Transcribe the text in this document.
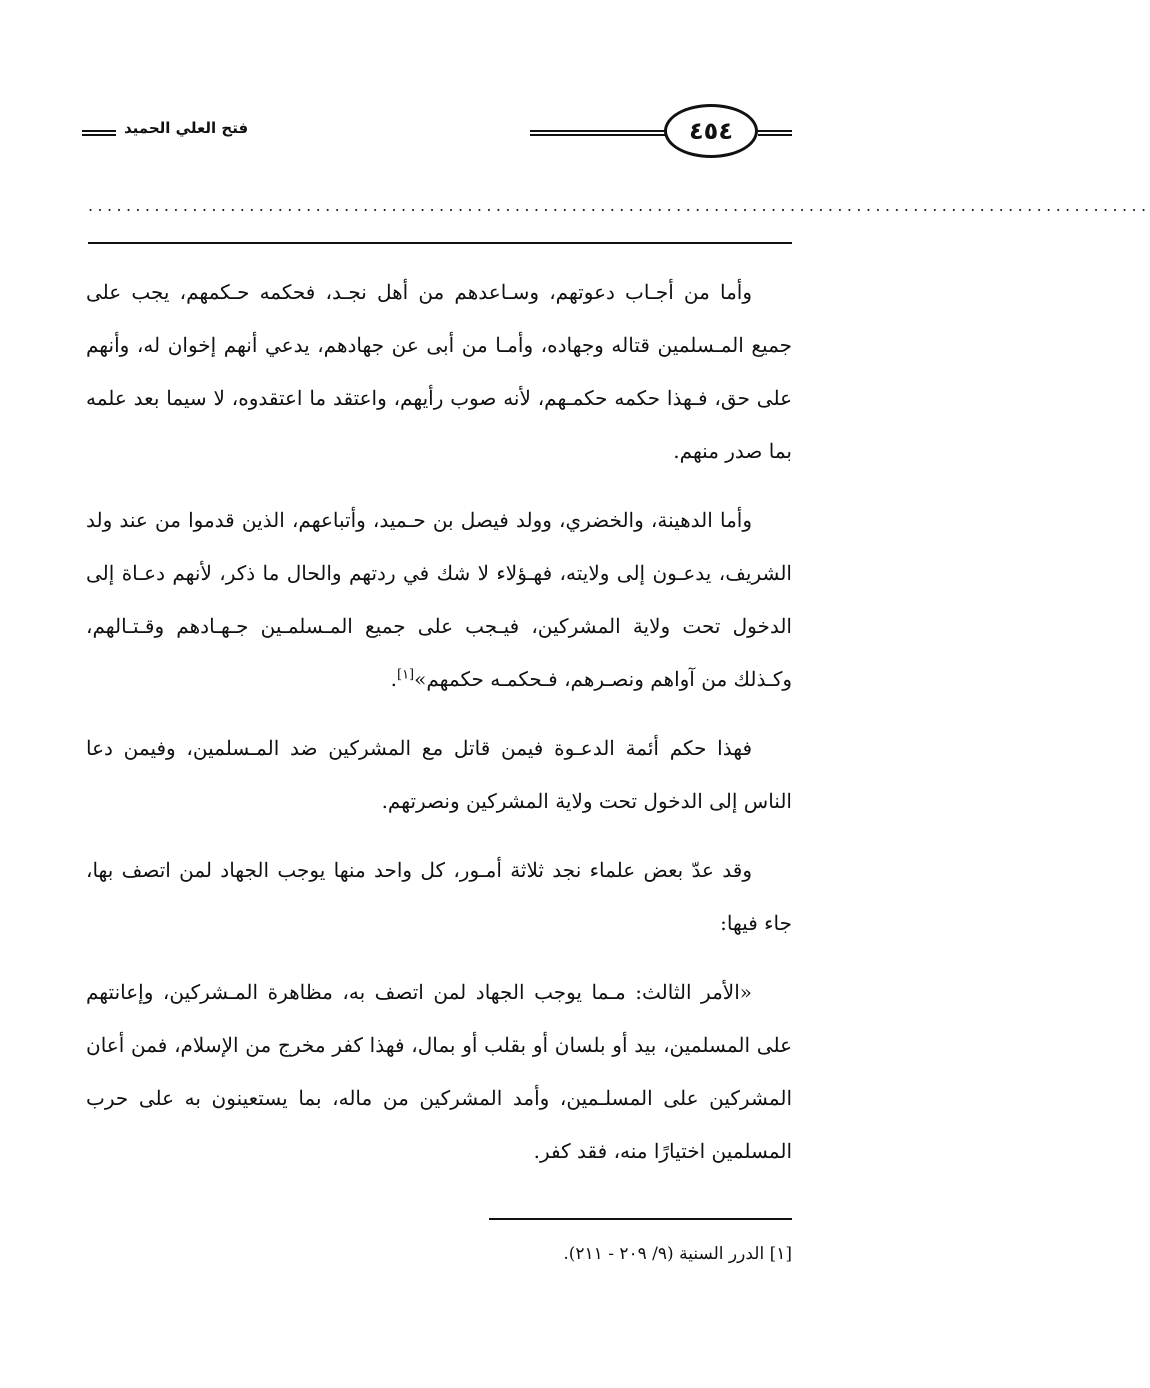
فتح العلي الحميد	٤٥٤
................................................................................................................

وأما من أجـاب دعوتهم، وسـاعدهم من أهل نجـد، فحكمه حـكمهم، يجب على جميع المـسلمين قتاله وجهاده، وأمـا من أبى عن جهادهم، يدعي أنهم إخوان له، وأنهم على حق، فـهذا حكمه حكمـهم، لأنه صوب رأيهم، واعتقد ما اعتقدوه، لا سيما بعد علمه بما صدر منهم.

وأما الدهينة، والخضري، وولد فيصل بن حـميد، وأتباعهم، الذين قدموا من عند ولد الشريف، يدعـون إلى ولايته، فهـؤلاء لا شك في ردتهم والحال ما ذكر، لأنهم دعـاة إلى الدخول تحت ولاية المشركين، فيـجب على جميع المـسلمـين جـهـادهم وقـتـالهم، وكـذلك من آواهم ونصـرهم، فـحكمـه حكمهم»[١].

فهذا حكم أئمة الدعـوة فيمن قاتل مع المشركين ضد المـسلمين، وفيمن دعا الناس إلى الدخول تحت ولاية المشركين ونصرتهم.

وقد عدّ بعض علماء نجد ثلاثة أمـور، كل واحد منها يوجب الجهاد لمن اتصف بها، جاء فيها:

«الأمر الثالث: مـما يوجب الجهاد لمن اتصف به، مظاهرة المـشركين، وإعانتهم على المسلمين، بيد أو بلسان أو بقلب أو بمال، فهذا كفر مخرج من الإسلام، فمن أعان المشركين على المسلـمين، وأمد المشركين من ماله، بما يستعينون به على حرب المسلمين اختيارًا منه، فقد كفر.

[١] الدرر السنية (٩/ ٢٠٩ - ٢١١).
